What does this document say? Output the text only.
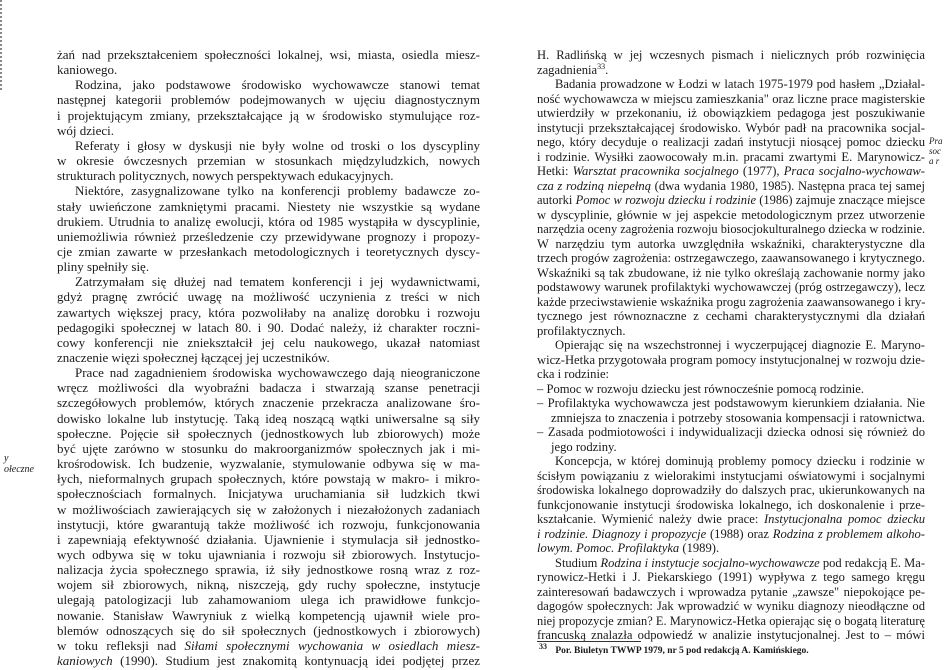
y
ołeczne
Pra
soc
a r
żań nad przekształceniem społeczności lokalnej, wsi, miasta, osiedla miesz-
kaniowego.
Rodzina, jako podstawowe środowisko wychowawcze stanowi temat
następnej kategorii problemów podejmowanych w ujęciu diagnostycznym
i projektującym zmiany, przekształcające ją w środowisko stymulujące roz-
wój dzieci.
Referaty i głosy w dyskusji nie były wolne od troski o los dyscypliny
w okresie ówczesnych przemian w stosunkach międzyludzkich, nowych
strukturach politycznych, nowych perspektywach edukacyjnych.
Niektóre, zasygnalizowane tylko na konferencji problemy badawcze zo-
stały uwieńczone zamkniętymi pracami. Niestety nie wszystkie są wydane
drukiem. Utrudnia to analizę ewolucji, która od 1985 wystąpiła w dyscyplinie,
uniemożliwia również prześledzenie czy przewidywane prognozy i propozy-
cje zmian zawarte w przesłankach metodologicznych i teoretycznych dyscy-
pliny spełniły się.
Zatrzymałam się dłużej nad tematem konferencji i jej wydawnictwami,
gdyż pragnę zwrócić uwagę na możliwość uczynienia z treści w nich
zawartych większej pracy, która pozwoliłaby na analizę dorobku i rozwoju
pedagogiki społecznej w latach 80. i 90. Dodać należy, iż charakter roczni-
cowy konferencji nie zniekształcił jej celu naukowego, ukazał natomiast
znaczenie więzi społecznej łączącej jej uczestników.
Prace nad zagadnieniem środowiska wychowawczego dają nieograniczone
wręcz możliwości dla wyobraźni badacza i stwarzają szanse penetracji
szczegółowych problemów, których znaczenie przekracza analizowane śro-
dowisko lokalne lub instytucję. Taką ideą noszącą wątki uniwersalne są siły
społeczne. Pojęcie sił społecznych (jednostkowych lub zbiorowych) może
być ujęte zarówno w stosunku do makroorganizmów społecznych jak i mi-
krośrodowisk. Ich budzenie, wyzwalanie, stymulowanie odbywa się w ma-
łych, nieformalnych grupach społecznych, które powstają w makro- i mikro-
społecznościach formalnych. Inicjatywa uruchamiania sił ludzkich tkwi
w możliwościach zawierających się w założonych i niezałożonych zadaniach
instytucji, które gwarantują także możliwość ich rozwoju, funkcjonowania
i zapewniają efektywność działania. Ujawnienie i stymulacja sił jednostko-
wych odbywa się w toku ujawniania i rozwoju sił zbiorowych. Instytucjo-
nalizacja życia społecznego sprawia, iż siły jednostkowe rosną wraz z roz-
wojem sił zbiorowych, nikną, niszczeją, gdy ruchy społeczne, instytucje
ulegają patologizacji lub zahamowaniom ulega ich prawidłowe funkcjo-
nowanie. Stanisław Wawryniuk z wielką kompetencją ujawnił wiele pro-
blemów odnoszących się do sił społecznych (jednostkowych i zbiorowych)
w toku refleksji nad Siłami społecznymi wychowania w osiedlach miesz-
kaniowych (1990). Studium jest znakomitą kontynuacją idei podjętej przez
H. Radlińską w jej wczesnych pismach i nielicznych prób rozwinięcia
zagadnienia$^{33}$.
Badania prowadzone w Łodzi w latach 1975-1979 pod hasłem „Działal-
ność wychowawcza w miejscu zamieszkania" oraz liczne prace magisterskie
utwierdziły w przekonaniu, iż obowiązkiem pedagoga jest poszukiwanie
instytucji przekształcającej środowisko. Wybór padł na pracownika socjal-
nego, który decyduje o realizacji zadań instytucji niosącej pomoc dziecku
i rodzinie. Wysiłki zaowocowały m.in. pracami zwartymi E. Marynowicz-
Hetki: Warsztat pracownika socjalnego (1977), Praca socjalno-wychowaw-
cza z rodziną niepełną (dwa wydania 1980, 1985). Następna praca tej samej
autorki Pomoc w rozwoju dziecku i rodzinie (1986) zajmuje znaczące miejsce
w dyscyplinie, głównie w jej aspekcie metodologicznym przez utworzenie
narzędzia oceny zagrożenia rozwoju biosocjokulturalnego dziecka w rodzinie.
W narzędziu tym autorka uwzględniła wskaźniki, charakterystyczne dla
trzech progów zagrożenia: ostrzegawczego, zaawansowanego i krytycznego.
Wskaźniki są tak zbudowane, iż nie tylko określają zachowanie normy jako
podstawowy warunek profilaktyki wychowawczej (próg ostrzegawczy), lecz
każde przeciwstawienie wskaźnika progu zagrożenia zaawansowanego i kry-
tycznego jest równoznaczne z cechami charakterystycznymi dla działań
profilaktycznych.
Opierając się na wszechstronnej i wyczerpującej diagnozie E. Maryno-
wicz-Hetka przygotowała program pomocy instytucjonalnej w rozwoju dzie-
cka i rodzinie:
– Pomoc w rozwoju dziecku jest równocześnie pomocą rodzinie.
– Profilaktyka wychowawcza jest podstawowym kierunkiem działania. Nie
zmniejsza to znaczenia i potrzeby stosowania kompensacji i ratownictwa.
– Zasada podmiotowości i indywidualizacji dziecka odnosi się również do
jego rodziny.
Koncepcja, w której dominują problemy pomocy dziecku i rodzinie w
ścisłym powiązaniu z wielorakimi instytucjami oświatowymi i socjalnymi
środowiska lokalnego doprowadziły do dalszych prac, ukierunkowanych na
funkcjonowanie instytucji środowiska lokalnego, ich doskonalenie i prze-
kształcanie. Wymienić należy dwie prace: Instytucjonalna pomoc dziecku
i rodzinie. Diagnozy i propozycje (1988) oraz Rodzina z problemem alkoho-
lowym. Pomoc. Profilaktyka (1989).
Studium Rodzina i instytucje socjalno-wychowawcze pod redakcją E. Ma-
rynowicz-Hetki i J. Piekarskiego (1991) wypływa z tego samego kręgu
zainteresowań badawczych i wprowadza pytanie „zawsze" niepokojące pe-
dagogów społecznych: Jak wprowadzić w wyniku diagnozy nieodłączne od
niej propozycje zmian? E. Marynowicz-Hetka opierając się o bogatą literaturę
francuską znalazła odpowiedź w analizie instytucjonalnej. Jest to – mówi
$^{33}$ Por. Biuletyn TWWP 1979, nr 5 pod redakcją A. Kamińskiego.
